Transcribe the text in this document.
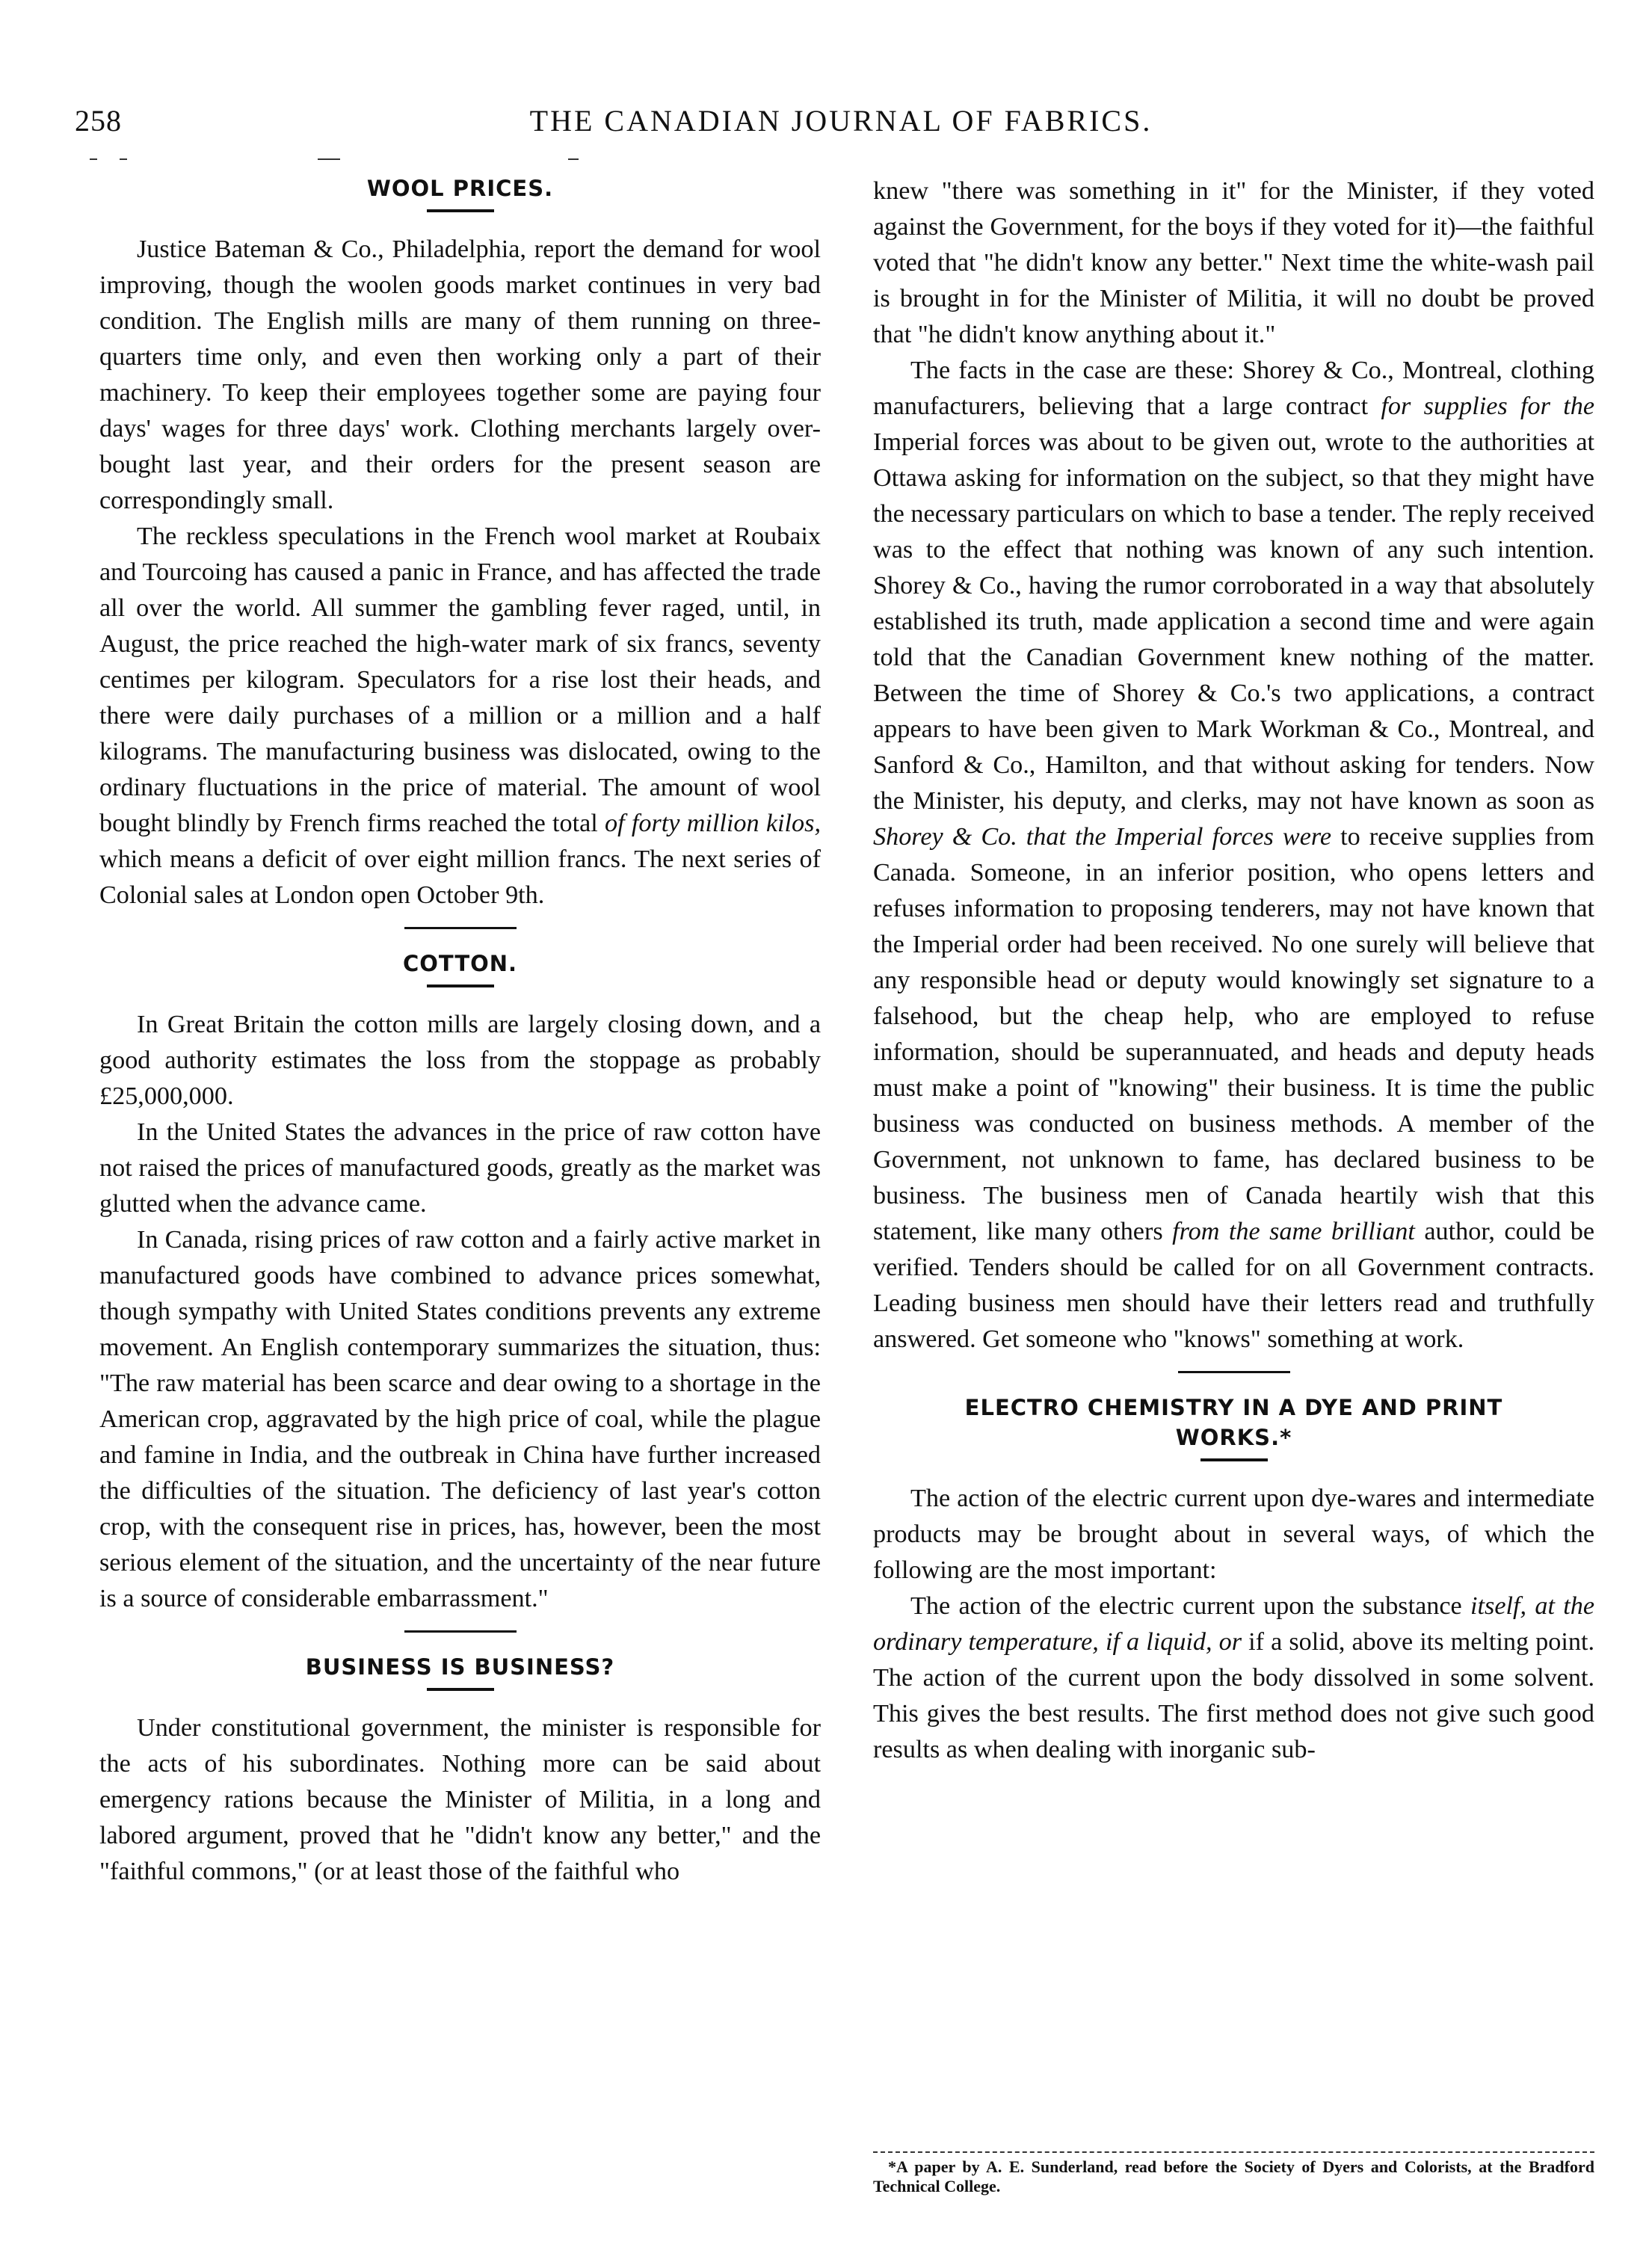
258	THE CANADIAN JOURNAL OF FABRICS.
WOOL PRICES.

Justice Bateman & Co., Philadelphia, report the demand for wool improving, though the woolen goods market continues in very bad condition. The English mills are many of them running on three-quarters time only, and even then working only a part of their machinery. To keep their employees together some are paying four days' wages for three days' work. Clothing merchants largely over-bought last year, and their orders for the present season are correspondingly small.

The reckless speculations in the French wool market at Roubaix and Tourcoing has caused a panic in France, and has affected the trade all over the world. All summer the gambling fever raged, until, in August, the price reached the high-water mark of six francs, seventy centimes per kilogram. Speculators for a rise lost their heads, and there were daily purchases of a million or a million and a half kilograms. The manufacturing business was dislocated, owing to the ordinary fluctuations in the price of material. The amount of wool bought blindly by French firms reached the total of forty million kilos, which means a deficit of over eight million francs. The next series of Colonial sales at London open October 9th.

COTTON.

In Great Britain the cotton mills are largely closing down, and a good authority estimates the loss from the stoppage as probably £25,000,000.

In the United States the advances in the price of raw cotton have not raised the prices of manufactured goods, greatly as the market was glutted when the advance came.

In Canada, rising prices of raw cotton and a fairly active market in manufactured goods have combined to advance prices somewhat, though sympathy with United States conditions prevents any extreme movement. An English contemporary summarizes the situation, thus: "The raw material has been scarce and dear owing to a shortage in the American crop, aggravated by the high price of coal, while the plague and famine in India, and the outbreak in China have further increased the difficulties of the situation. The deficiency of last year's cotton crop, with the consequent rise in prices, has, however, been the most serious element of the situation, and the uncertainty of the near future is a source of considerable embarrassment."

BUSINESS IS BUSINESS?

Under constitutional government, the minister is responsible for the acts of his subordinates. Nothing more can be said about emergency rations because the Minister of Militia, in a long and labored argument, proved that he "didn't know any better," and the "faithful commons," (or at least those of the faithful who

knew "there was something in it" for the Minister, if they voted against the Government, for the boys if they voted for it)—the faithful voted that "he didn't know any better." Next time the white-wash pail is brought in for the Minister of Militia, it will no doubt be proved that "he didn't know anything about it."

The facts in the case are these: Shorey & Co., Montreal, clothing manufacturers, believing that a large contract for supplies for the Imperial forces was about to be given out, wrote to the authorities at Ottawa asking for information on the subject, so that they might have the necessary particulars on which to base a tender. The reply received was to the effect that nothing was known of any such intention. Shorey & Co., having the rumor corroborated in a way that absolutely established its truth, made application a second time and were again told that the Canadian Government knew nothing of the matter. Between the time of Shorey & Co.'s two applications, a contract appears to have been given to Mark Workman & Co., Montreal, and Sanford & Co., Hamilton, and that without asking for tenders. Now the Minister, his deputy, and clerks, may not have known as soon as Shorey & Co. that the Imperial forces were to receive supplies from Canada. Someone, in an inferior position, who opens letters and refuses information to proposing tenderers, may not have known that the Imperial order had been received. No one surely will believe that any responsible head or deputy would knowingly set signature to a falsehood, but the cheap help, who are employed to refuse information, should be superannuated, and heads and deputy heads must make a point of "knowing" their business. It is time the public business was conducted on business methods. A member of the Government, not unknown to fame, has declared business to be business. The business men of Canada heartily wish that this statement, like many others from the same brilliant author, could be verified. Tenders should be called for on all Government contracts. Leading business men should have their letters read and truthfully answered. Get someone who "knows" something at work.

ELECTRO CHEMISTRY IN A DYE AND PRINT
WORKS.*

The action of the electric current upon dye-wares and intermediate products may be brought about in several ways, of which the following are the most important:

The action of the electric current upon the substance itself, at the ordinary temperature, if a liquid, or if a solid, above its melting point. The action of the current upon the body dissolved in some solvent. This gives the best results. The first method does not give such good results as when dealing with inorganic sub-

*A paper by A. E. Sunderland, read before the Society of Dyers and Colorists, at the Bradford Technical College.
